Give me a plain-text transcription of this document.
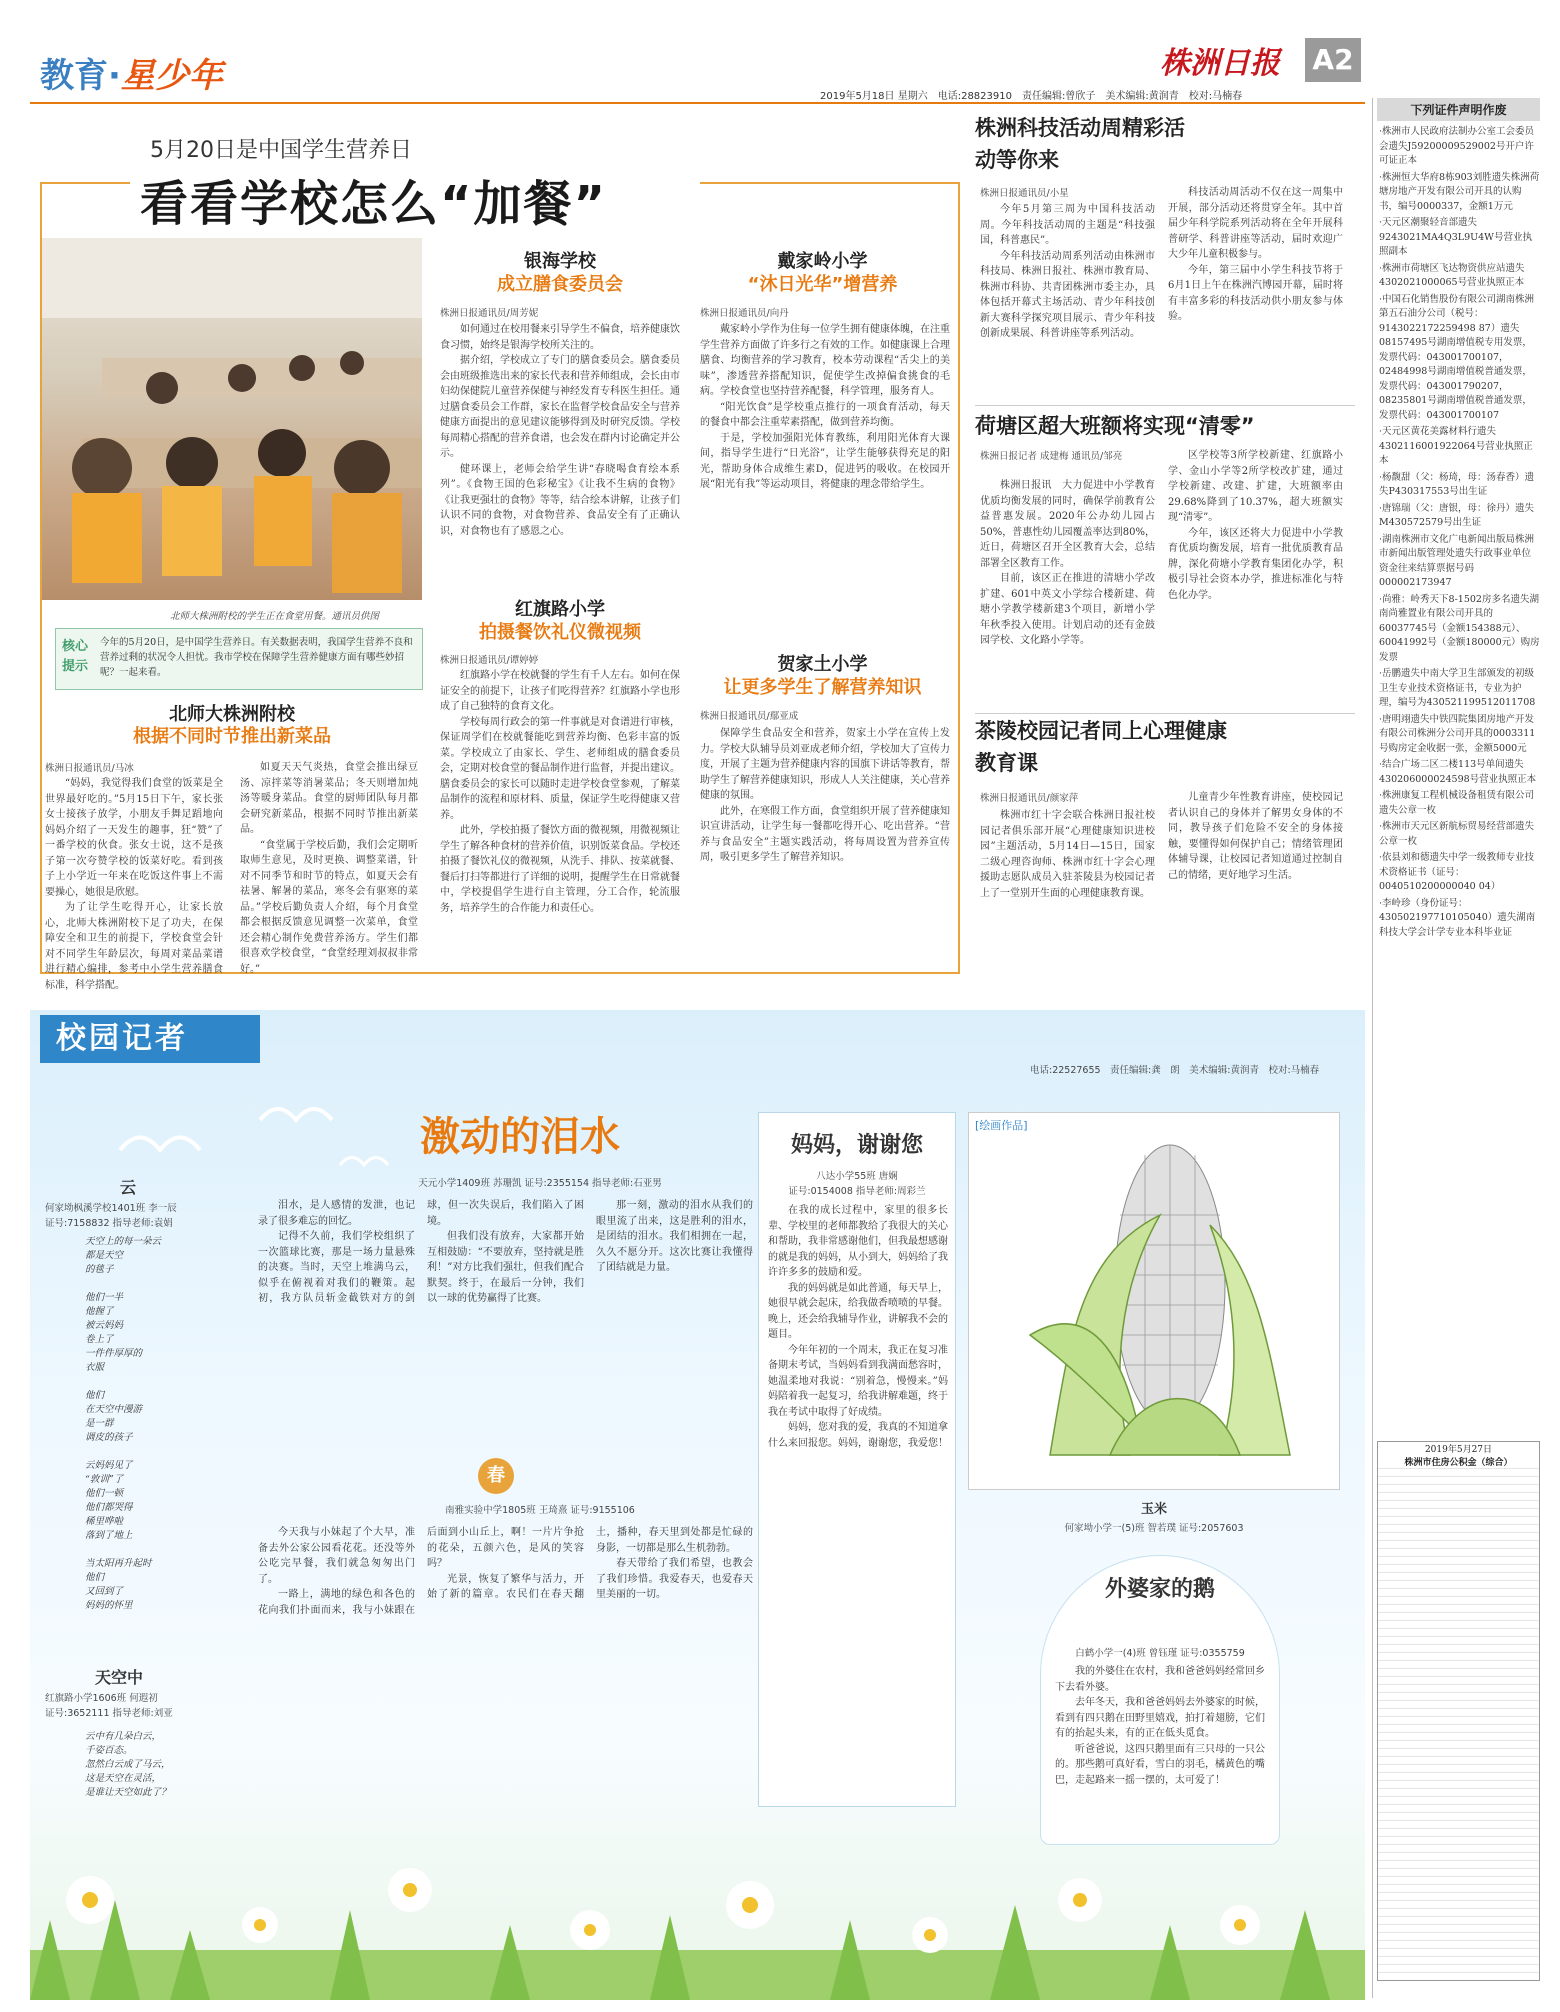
教育·星少年	株洲日报 A2
2019年5月18日 星期六　电话:28823910　责任编辑:曾欣子　美术编辑:黄润青　校对:马楠春
5月20日是中国学生营养日
看看学校怎么“加餐”
北师大株洲附校的学生正在食堂用餐。通讯员供图
核心提示
今年的5月20日，是中国学生营养日。有关数据表明，我国学生营养不良和营养过剩的状况令人担忧。我市学校在保障学生营养健康方面有哪些妙招呢？一起来看。
北师大株洲附校
根据不同时节推出新菜品
株洲日报通讯员/马冰

“妈妈，我觉得我们食堂的饭菜是全世界最好吃的。”5月15日下午，家长张女士接孩子放学，小朋友手舞足蹈地向妈妈介绍了一天发生的趣事，狂“赞”了一番学校的伙食。张女士说，这不是孩子第一次夸赞学校的饭菜好吃。看到孩子上小学近一年来在吃饭这件事上不需要操心，她很是欣慰。

为了让学生吃得开心，让家长放心，北师大株洲附校下足了功夫，在保障安全和卫生的前提下，学校食堂会针对不同学生年龄层次，每周对菜品菜谱进行精心编排，参考中小学生营养膳食标准，科学搭配。

如夏天天气炎热，食堂会推出绿豆汤、凉拌菜等消暑菜品；冬天则增加炖汤等暖身菜品。食堂的厨师团队每月都会研究新菜品，根据不同时节推出新菜品。

“食堂属于学校后勤，我们会定期听取师生意见，及时更换、调整菜谱，针对不同季节和时节的特点，如夏天会有祛暑、解暑的菜品，寒冬会有驱寒的菜品。”学校后勤负责人介绍，每个月食堂都会根据反馈意见调整一次菜单，食堂还会精心制作免费营养汤方。学生们都很喜欢学校食堂，“食堂经理刘叔叔非常好。”

银海学校
成立膳食委员会
株洲日报通讯员/周芳妮

如何通过在校用餐来引导学生不偏食，培养健康饮食习惯，始终是银海学校所关注的。

据介绍，学校成立了专门的膳食委员会。膳食委员会由班级推选出来的家长代表和营养师组成，会长由市妇幼保健院儿童营养保健与神经发育专科医生担任。通过膳食委员会工作群，家长在监督学校食品安全与营养健康方面提出的意见建议能够得到及时研究反馈。学校每周精心搭配的营养食谱，也会发在群内讨论确定并公示。

健环课上，老师会给学生讲“春晓喝食育绘本系列”。《食物王国的色彩秘宝》《让我不生病的食物》《让我更强壮的食物》等等，结合绘本讲解，让孩子们认识不同的食物，对食物营养、食品安全有了正确认识，对食物也有了感恩之心。

红旗路小学
拍摄餐饮礼仪微视频
株洲日报通讯员/谭婷婷

红旗路小学在校就餐的学生有千人左右。如何在保证安全的前提下，让孩子们吃得营养？红旗路小学也形成了自己独特的食育文化。

学校每周行政会的第一件事就是对食谱进行审核，保证周学们在校就餐能吃到营养均衡、色彩丰富的饭菜。学校成立了由家长、学生、老师组成的膳食委员会，定期对校食堂的餐品制作进行监督，并提出建议。膳食委员会的家长可以随时走进学校食堂参观，了解菜品制作的流程和原材料、质量，保证学生吃得健康又营养。

此外，学校拍摄了餐饮方面的微视频，用微视频让学生了解各种食材的营养价值，识别饭菜食品。学校还拍摄了餐饮礼仪的微视频，从洗手、排队、按菜就餐、餐后打扫等都进行了详细的说明，提醒学生在日常就餐中，学校提倡学生进行自主管理，分工合作，轮流服务，培养学生的合作能力和责任心。

戴家岭小学
“沐日光华”增营养
株洲日报通讯员/向丹

戴家岭小学作为住每一位学生拥有健康体魄，在注重学生营养方面做了许多行之有效的工作。如健康课上合理膳食、均衡营养的学习教育，校本劳动课程“舌尖上的美味”，渗透营养搭配知识，促使学生改掉偏食挑食的毛病。学校食堂也坚持营养配餐，科学管理，服务育人。

“阳光饮食”是学校重点推行的一项食育活动，每天的餐食中都会注重荤素搭配，做到营养均衡。

于是，学校加强阳光体育教练，利用阳光体育大课间，指导学生进行“日光浴”，让学生能够获得充足的阳光，帮助身体合成维生素D，促进钙的吸收。在校园开展“阳光有我”等运动项目，将健康的理念带给学生。

贺家土小学
让更多学生了解营养知识
株洲日报通讯员/鄢亚成

保障学生食品安全和营养，贺家土小学在宣传上发力。学校大队辅导员刘亚成老师介绍，学校加大了宣传力度，开展了主题为营养健康内容的国旗下讲话等教育，帮助学生了解营养健康知识，形成人人关注健康，关心营养健康的氛围。

此外，在寒假工作方面，食堂组织开展了营养健康知识宣讲活动，让学生每一餐都吃得开心、吃出营养。“营养与食品安全”主题实践活动，将每周设置为营养宣传周，吸引更多学生了解营养知识。

株洲科技活动周精彩活动等你来
株洲日报通讯员/小星

今年5月第三周为中国科技活动周。今年科技活动周的主题是“科技强国，科普惠民”。

今年科技活动周系列活动由株洲市科技局、株洲日报社、株洲市教育局、株洲市科协、共青团株洲市委主办，具体包括开幕式主场活动、青少年科技创新大赛科学探究项目展示、青少年科技创新成果展、科普讲座等系列活动。

科技活动周活动不仅在这一周集中开展，部分活动还将贯穿全年。其中首届少年科学院系列活动将在全年开展科普研学、科普讲座等活动，届时欢迎广大少年儿童积极参与。

今年，第三届中小学生科技节将于6月1日上午在株洲汽博园开幕，届时将有丰富多彩的科技活动供小朋友参与体验。

荷塘区超大班额将实现“清零”
株洲日报记者 成建梅 通讯员/邹亮

株洲日报讯　大力促进中小学教育优质均衡发展的同时，确保学前教育公益普惠发展。2020年公办幼儿园占50%，普惠性幼儿园覆盖率达到80%，近日，荷塘区召开全区教育大会，总结部署全区教育工作。

目前，该区正在推进的清塘小学改扩建、601中英文小学综合楼新建、荷塘小学教学楼新建3个项目，新增小学年秋季投入使用。计划启动的还有金鼓园学校、文化路小学等。

区学校等3所学校新建、红旗路小学、金山小学等2所学校改扩建，通过学校新建、改建、扩建，大班额率由29.68%降到了10.37%，超大班额实现“清零”。

今年，该区还将大力促进中小学教育优质均衡发展，培育一批优质教育品牌，深化荷塘小学教育集团化办学，积极引导社会资本办学，推进标准化与特色化办学。

茶陵校园记者同上心理健康教育课
株洲日报通讯员/颜家萍

株洲市红十字会联合株洲日报社校园记者俱乐部开展“心理健康知识进校园”主题活动，5月14日—15日，国家二级心理咨询师、株洲市红十字会心理援助志愿队成员入驻茶陵县为校园记者上了一堂别开生面的心理健康教育课。

儿童青少年性教育讲座，使校园记者认识自己的身体并了解男女身体的不同，教导孩子们危险不安全的身体接触，要懂得如何保护自己；情绪管理团体辅导课，让校园记者知道通过控制自己的情绪，更好地学习生活。

下列证件声明作废

·株洲市人民政府法制办公室工会委员会遗失J59200009529002号开户许可证正本

·株洲恒大华府8栋903刘胜遗失株洲荷塘房地产开发有限公司开具的认购书，编号0000337，金额1万元

·天元区潮聚轻音部遗失9243021MA4Q3L9U4W号营业执照副本

·株洲市荷塘区飞达物资供应站遗失4302021000065号营业执照正本

·中国石化销售股份有限公司湖南株洲第五石油分公司（税号：9143022172259498 87）遗失08157495号湖南增值税专用发票，发票代码：043001700107，02484998号湖南增值税普通发票，发票代码：043001790207，08235801号湖南增值税普通发票，发票代码：043001700107

·天元区黄花美露材料行遗失4302116001922064号营业执照正本

·杨馥甜（父：杨琦，母：汤春香）遗失P430317553号出生证

·唐锦瑞（父：唐银，母：徐丹）遗失M430572579号出生证

·湖南株洲市文化广电新闻出版局株洲市新闻出版管理处遗失行政事业单位资金往来结算票据号码000002173947

·尚雅：岭秀天下8-1502房多名遗失湖南尚雅置业有限公司开具的60037745号（金额154388元）、60041992号（金额180000元）购房发票

·岳鹏遗失中南大学卫生部颁发的初级卫生专业技术资格证书，专业为护理，编号为430521199512011708

·唐明翊遗失中铁四院集团房地产开发有限公司株洲分公司开具的0003311号购房定金收据一张，金额5000元

·结合广场二区二楼113号单间遗失430206000024598号营业执照正本

·株洲康复工程机械设备租赁有限公司遗失公章一枚

·株洲市天元区新航标贸易经营部遗失公章一枚

·依县刘和德遗失中学一级教师专业技术资格证书（证号：0040510200000040 04）

·李岭珍（身份证号：430502197710105040）遗失湖南科技大学会计学专业本科毕业证

2019年5月27日
株洲市住房公积金（综合）
校园记者
电话:22527655　责任编辑:龚　朗　美术编辑:黄润青　校对:马楠春
云
何家坳枫溪学校1401班 李一辰
证号:7158832 指导老师:袁娟
天空上的每一朵云
都是天空
的毯子
他们一半
他握了
被云妈妈
卷上了
一件件厚厚的
衣服
他们
在天空中漫游
是一群
调皮的孩子
云妈妈见了
“敦训”了
他们一顿
他们都哭得
稀里哗啦
落到了地上
当太阳再升起时
他们
又回到了
妈妈的怀里
天空中
红旗路小学1606班 何遐初
证号:3652111 指导老师:刘亚
云中有几朵白云，
千姿百态。
忽然白云成了马云，
这是天空在灵活，
是谁让天空如此了？
激动的泪水
天元小学1409班 苏珊凯 证号:2355154 指导老师:石亚男

泪水，是人感情的发泄，也记录了很多难忘的回忆。

记得不久前，我们学校组织了一次篮球比赛，那是一场力量悬殊的决赛。当时，天空上堆满乌云，似乎在俯视着对我们的鞭策。起初，我方队员斩金截铁对方的剑球，但一次失误后，我们陷入了困境。

但我们没有放弃，大家都开始互相鼓励：“不要放弃，坚持就是胜利！”对方比我们强壮，但我们配合默契。终于，在最后一分钟，我们以一球的优势赢得了比赛。

那一刻，激动的泪水从我们的眼里流了出来，这是胜利的泪水，是团结的泪水。我们相拥在一起，久久不愿分开。这次比赛让我懂得了团结就是力量。

春
南雅实验中学1805班 王琦熹 证号:9155106

今天我与小妹起了个大早，准备去外公家公园看花花。还没等外公吃完早餐，我们就急匆匆出门了。

一路上，满地的绿色和各色的花向我们扑面而来，我与小妹跟在后面到小山丘上，啊！一片片争抢的花朵，五颜六色，是风的笑容吗？

光景，恢复了繁华与活力，开始了新的篇章。农民们在春天翻土，播种，春天里到处都是忙碌的身影，一切都是那么生机勃勃。

春天带给了我们希望，也教会了我们珍惜。我爱春天，也爱春天里美丽的一切。

妈妈，谢谢您
八达小学55班 唐娴
证号:0154008 指导老师:周彩兰

在我的成长过程中，家里的很多长辈、学校里的老师都教给了我很大的关心和帮助，我非常感谢他们，但我最想感谢的就是我的妈妈，从小到大，妈妈给了我许许多多的鼓励和爱。

我的妈妈就是如此普通，每天早上，她很早就会起床，给我做香喷喷的早餐。晚上，还会给我辅导作业，讲解我不会的题目。

今年年初的一个周末，我正在复习准备期末考试，当妈妈看到我满面愁容时，她温柔地对我说：“别着急，慢慢来。”妈妈陪着我一起复习，给我讲解难题，终于我在考试中取得了好成绩。

妈妈，您对我的爱，我真的不知道拿什么来回报您。妈妈，谢谢您，我爱您！

[绘画作品]
玉米
何家坳小学一(5)班 智若璞 证号:2057603
外婆家的鹅
白鹤小学一(4)班 曾钰瑾 证号:0355759

我的外婆住在农村，我和爸爸妈妈经常回乡下去看外婆。

去年冬天，我和爸爸妈妈去外婆家的时候，看到有四只鹅在田野里嬉戏，拍打着翅膀，它们有的抬起头来，有的正在低头觅食。

听爸爸说，这四只鹅里面有三只母的一只公的。那些鹅可真好看，雪白的羽毛，橘黄色的嘴巴，走起路来一摇一摆的，太可爱了！
